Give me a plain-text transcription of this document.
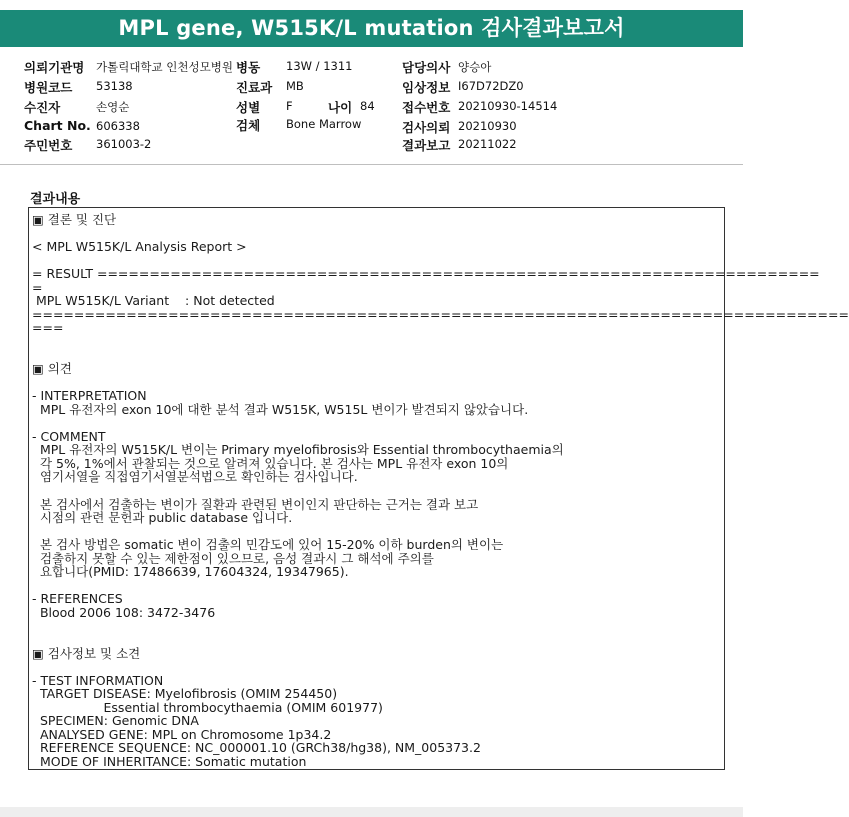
MPL gene, W515K/L mutation 검사결과보고서
의뢰기관명 가톨릭대학교 인천성모병원 병동 13W / 1311	담당의사 양승아
병원코드 53138	진료과 MB	임상정보 I67D72DZ0
수진자	손영순	성별 F	나이 84 접수번호 20210930-14514
Chart No. 606338	검체 Bone Marrow	검사의뢰 20210930
주민번호 361003-2	결과보고 20211022
결과내용
▣ 결론 및 진단
< MPL W515K/L Analysis Report >
= RESULT =====================================================================
=
MPL W515K/L Variant    : Not detected
==============================================================================
===
▣ 의견
- INTERPRETATION
MPL 유전자의 exon 10에 대한 분석 결과 W515K, W515L 변이가 발견되지 않았습니다.
- COMMENT
MPL 유전자의 W515K/L 변이는 Primary myelofibrosis와 Essential thrombocythaemia의
각 5%, 1%에서 관찰되는 것으로 알려져 있습니다. 본 검사는 MPL 유전자 exon 10의
염기서열을 직접염기서열분석법으로 확인하는 검사입니다.
본 검사에서 검출하는 변이가 질환과 관련된 변이인지 판단하는 근거는 결과 보고
시점의 관련 문헌과 public database 입니다.
본 검사 방법은 somatic 변이 검출의 민감도에 있어 15-20% 이하 burden의 변이는
검출하지 못할 수 있는 제한점이 있으므로, 음성 결과시 그 해석에 주의를
요합니다(PMID: 17486639, 17604324, 19347965).
- REFERENCES
Blood 2006 108: 3472-3476
▣ 검사정보 및 소견
- TEST INFORMATION
TARGET DISEASE: Myelofibrosis (OMIM 254450)
Essential thrombocythaemia (OMIM 601977)
SPECIMEN: Genomic DNA
ANALYSED GENE: MPL on Chromosome 1p34.2
REFERENCE SEQUENCE: NC_000001.10 (GRCh38/hg38), NM_005373.2
MODE OF INHERITANCE: Somatic mutation
